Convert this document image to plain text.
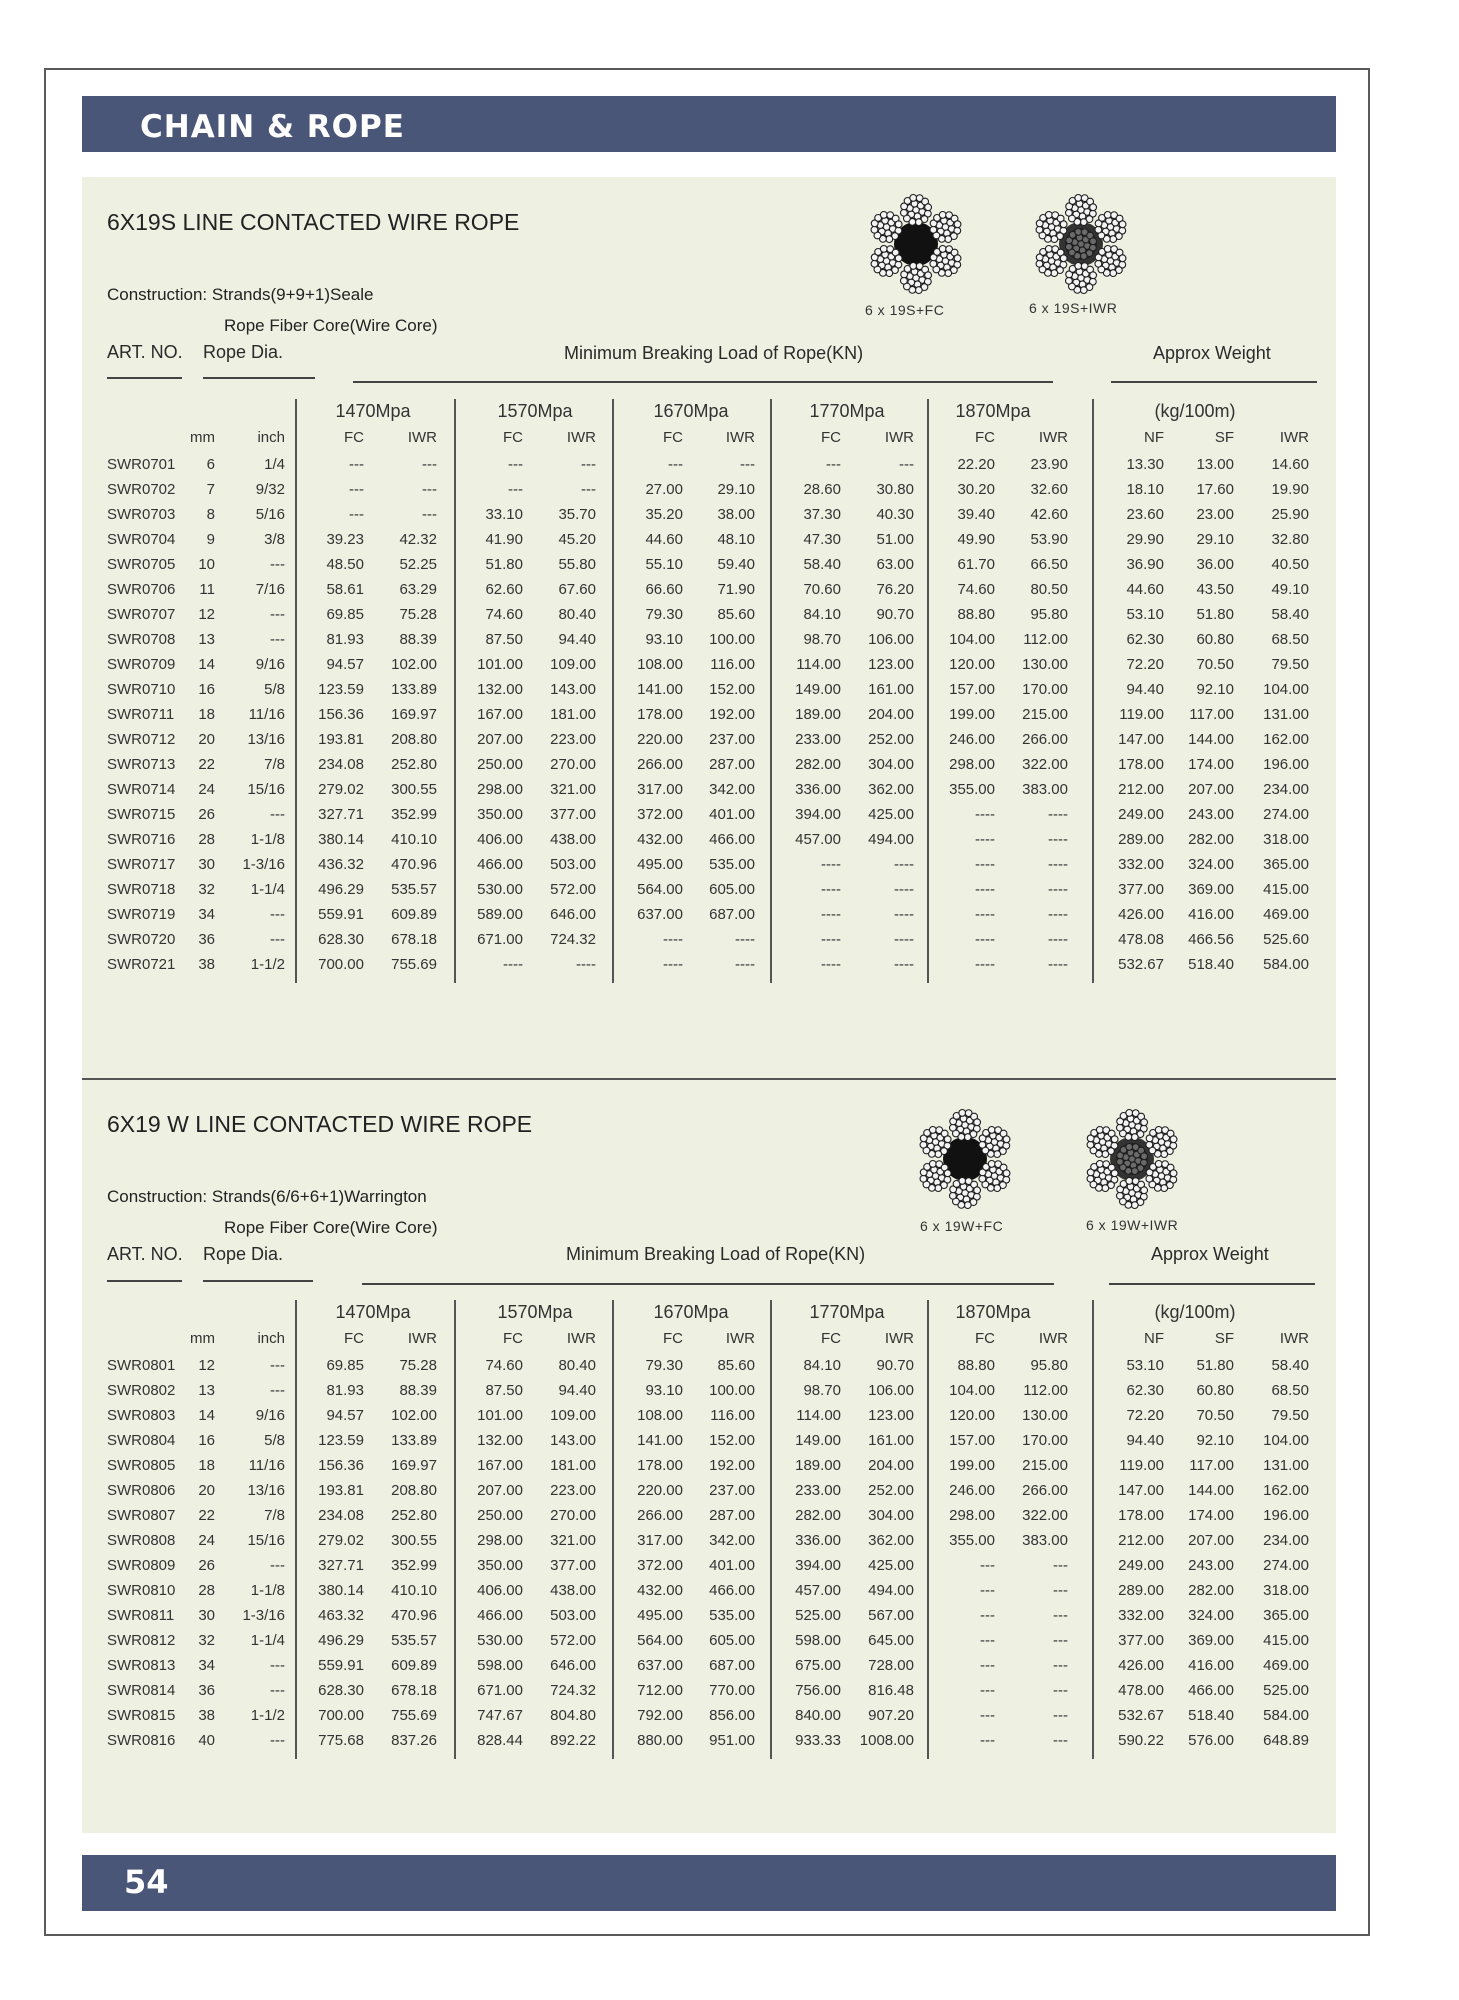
CHAIN & ROPE
6X19S LINE CONTACTED WIRE ROPE
6 x 19S+FC	6 x 19S+IWR
Construction: Strands(9+9+1)Seale
Rope Fiber Core(Wire Core)
ART. NO. Rope Dia.	Minimum Breaking Load of Rope(KN)	Approx Weight
1470Mpa	1570Mpa	1670Mpa	1770Mpa	1870Mpa	(kg/100m)
mm	inch	FC	IWR	FC	IWR	FC	IWR	FC	IWR	FC	IWR	NF	SF	IWR
SWR0701	6	1/4	---	---	---	---	---	---	---	---	22.20	23.90	13.30	13.00	14.60
SWR0702	7	9/32	---	---	---	---	27.00	29.10	28.60	30.80	30.20	32.60	18.10	17.60	19.90
SWR0703	8	5/16	---	---	33.10	35.70	35.20	38.00	37.30	40.30	39.40	42.60	23.60	23.00	25.90
SWR0704	9	3/8	39.23	42.32	41.90	45.20	44.60	48.10	47.30	51.00	49.90	53.90	29.90	29.10	32.80
SWR0705	10	---	48.50	52.25	51.80	55.80	55.10	59.40	58.40	63.00	61.70	66.50	36.90	36.00	40.50
SWR0706	11	7/16	58.61	63.29	62.60	67.60	66.60	71.90	70.60	76.20	74.60	80.50	44.60	43.50	49.10
SWR0707	12	---	69.85	75.28	74.60	80.40	79.30	85.60	84.10	90.70	88.80	95.80	53.10	51.80	58.40
SWR0708	13	---	81.93	88.39	87.50	94.40	93.10	100.00	98.70	106.00	104.00	112.00	62.30	60.80	68.50
SWR0709	14	9/16	94.57	102.00	101.00	109.00	108.00	116.00	114.00	123.00	120.00	130.00	72.20	70.50	79.50
SWR0710	16	5/8	123.59	133.89	132.00	143.00	141.00	152.00	149.00	161.00	157.00	170.00	94.40	92.10	104.00
SWR0711	18	11/16	156.36	169.97	167.00	181.00	178.00	192.00	189.00	204.00	199.00	215.00	119.00	117.00	131.00
SWR0712	20	13/16	193.81	208.80	207.00	223.00	220.00	237.00	233.00	252.00	246.00	266.00	147.00	144.00	162.00
SWR0713	22	7/8	234.08	252.80	250.00	270.00	266.00	287.00	282.00	304.00	298.00	322.00	178.00	174.00	196.00
SWR0714	24	15/16	279.02	300.55	298.00	321.00	317.00	342.00	336.00	362.00	355.00	383.00	212.00	207.00	234.00
SWR0715	26	---	327.71	352.99	350.00	377.00	372.00	401.00	394.00	425.00	----	----	249.00	243.00	274.00
SWR0716	28	1-1/8	380.14	410.10	406.00	438.00	432.00	466.00	457.00	494.00	----	----	289.00	282.00	318.00
SWR0717	30	1-3/16	436.32	470.96	466.00	503.00	495.00	535.00	----	----	----	----	332.00	324.00	365.00
SWR0718	32	1-1/4	496.29	535.57	530.00	572.00	564.00	605.00	----	----	----	----	377.00	369.00	415.00
SWR0719	34	---	559.91	609.89	589.00	646.00	637.00	687.00	----	----	----	----	426.00	416.00	469.00
SWR0720	36	---	628.30	678.18	671.00	724.32	----	----	----	----	----	----	478.08	466.56	525.60
SWR0721	38	1-1/2	700.00	755.69	----	----	----	----	----	----	----	----	532.67	518.40	584.00
6X19 W LINE CONTACTED WIRE ROPE
6 x 19W+FC	6 x 19W+IWR
Construction: Strands(6/6+6+1)Warrington
Rope Fiber Core(Wire Core)
ART. NO. Rope Dia.	Minimum Breaking Load of Rope(KN)	Approx Weight
1470Mpa	1570Mpa	1670Mpa	1770Mpa	1870Mpa	(kg/100m)
mm	inch	FC	IWR	FC	IWR	FC	IWR	FC	IWR	FC	IWR	NF	SF	IWR
SWR0801	12	---	69.85	75.28	74.60	80.40	79.30	85.60	84.10	90.70	88.80	95.80	53.10	51.80	58.40
SWR0802	13	---	81.93	88.39	87.50	94.40	93.10	100.00	98.70	106.00	104.00	112.00	62.30	60.80	68.50
SWR0803	14	9/16	94.57	102.00	101.00	109.00	108.00	116.00	114.00	123.00	120.00	130.00	72.20	70.50	79.50
SWR0804	16	5/8	123.59	133.89	132.00	143.00	141.00	152.00	149.00	161.00	157.00	170.00	94.40	92.10	104.00
SWR0805	18	11/16	156.36	169.97	167.00	181.00	178.00	192.00	189.00	204.00	199.00	215.00	119.00	117.00	131.00
SWR0806	20	13/16	193.81	208.80	207.00	223.00	220.00	237.00	233.00	252.00	246.00	266.00	147.00	144.00	162.00
SWR0807	22	7/8	234.08	252.80	250.00	270.00	266.00	287.00	282.00	304.00	298.00	322.00	178.00	174.00	196.00
SWR0808	24	15/16	279.02	300.55	298.00	321.00	317.00	342.00	336.00	362.00	355.00	383.00	212.00	207.00	234.00
SWR0809	26	---	327.71	352.99	350.00	377.00	372.00	401.00	394.00	425.00	---	---	249.00	243.00	274.00
SWR0810	28	1-1/8	380.14	410.10	406.00	438.00	432.00	466.00	457.00	494.00	---	---	289.00	282.00	318.00
SWR0811	30	1-3/16	463.32	470.96	466.00	503.00	495.00	535.00	525.00	567.00	---	---	332.00	324.00	365.00
SWR0812	32	1-1/4	496.29	535.57	530.00	572.00	564.00	605.00	598.00	645.00	---	---	377.00	369.00	415.00
SWR0813	34	---	559.91	609.89	598.00	646.00	637.00	687.00	675.00	728.00	---	---	426.00	416.00	469.00
SWR0814	36	---	628.30	678.18	671.00	724.32	712.00	770.00	756.00	816.48	---	---	478.00	466.00	525.00
SWR0815	38	1-1/2	700.00	755.69	747.67	804.80	792.00	856.00	840.00	907.20	---	---	532.67	518.40	584.00
SWR0816	40	---	775.68	837.26	828.44	892.22	880.00	951.00	933.33	1008.00	---	---	590.22	576.00	648.89
54
